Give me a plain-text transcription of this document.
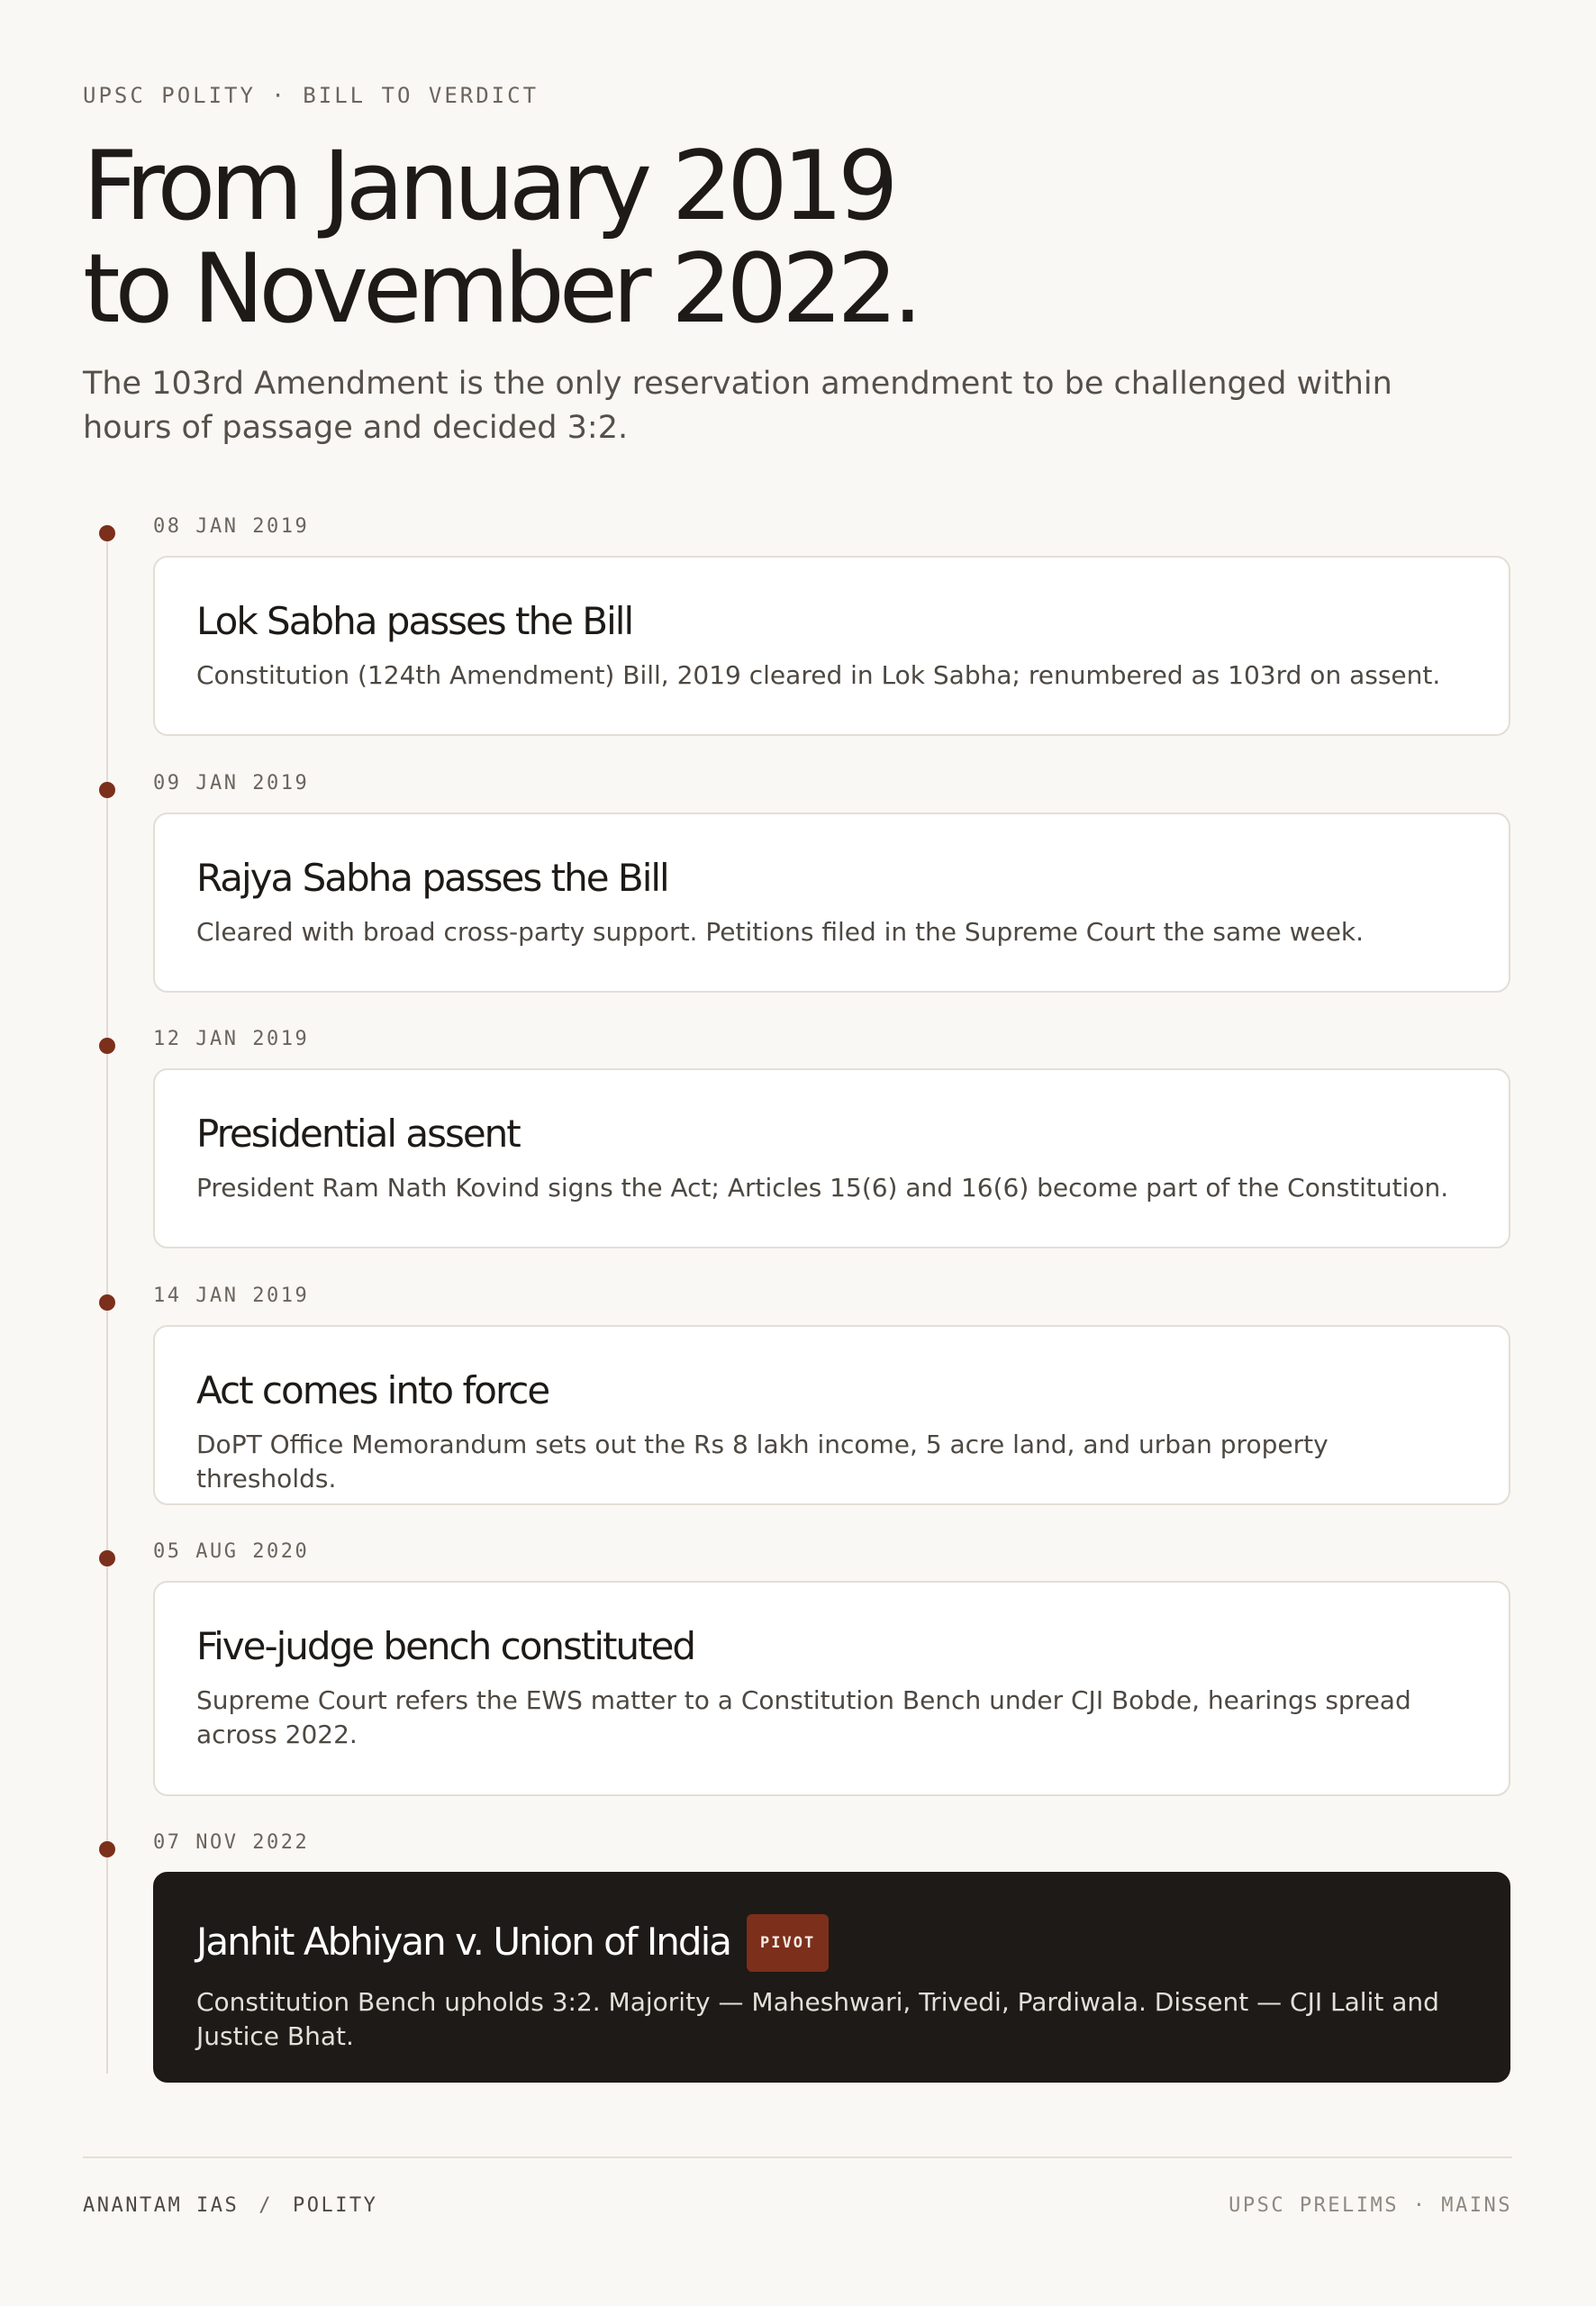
UPSC POLITY · BILL TO VERDICT
From January 2019
to November 2022.
The 103rd Amendment is the only reservation amendment to be challenged within hours of passage and decided 3:2.
08 JAN 2019
Lok Sabha passes the Bill
Constitution (124th Amendment) Bill, 2019 cleared in Lok Sabha; renumbered as 103rd on assent.
09 JAN 2019
Rajya Sabha passes the Bill
Cleared with broad cross-party support. Petitions filed in the Supreme Court the same week.
12 JAN 2019
Presidential assent
President Ram Nath Kovind signs the Act; Articles 15(6) and 16(6) become part of the Constitution.
14 JAN 2019
Act comes into force
DoPT Office Memorandum sets out the Rs 8 lakh income, 5 acre land, and urban property thresholds.
05 AUG 2020
Five-judge bench constituted
Supreme Court refers the EWS matter to a Constitution Bench under CJI Bobde, hearings spread across 2022.
07 NOV 2022
Janhit Abhiyan v. Union of India PIVOT
Constitution Bench upholds 3:2. Majority — Maheshwari, Trivedi, Pardiwala. Dissent — CJI Lalit and Justice Bhat.
ANANTAM IAS / POLITY	UPSC PRELIMS · MAINS
